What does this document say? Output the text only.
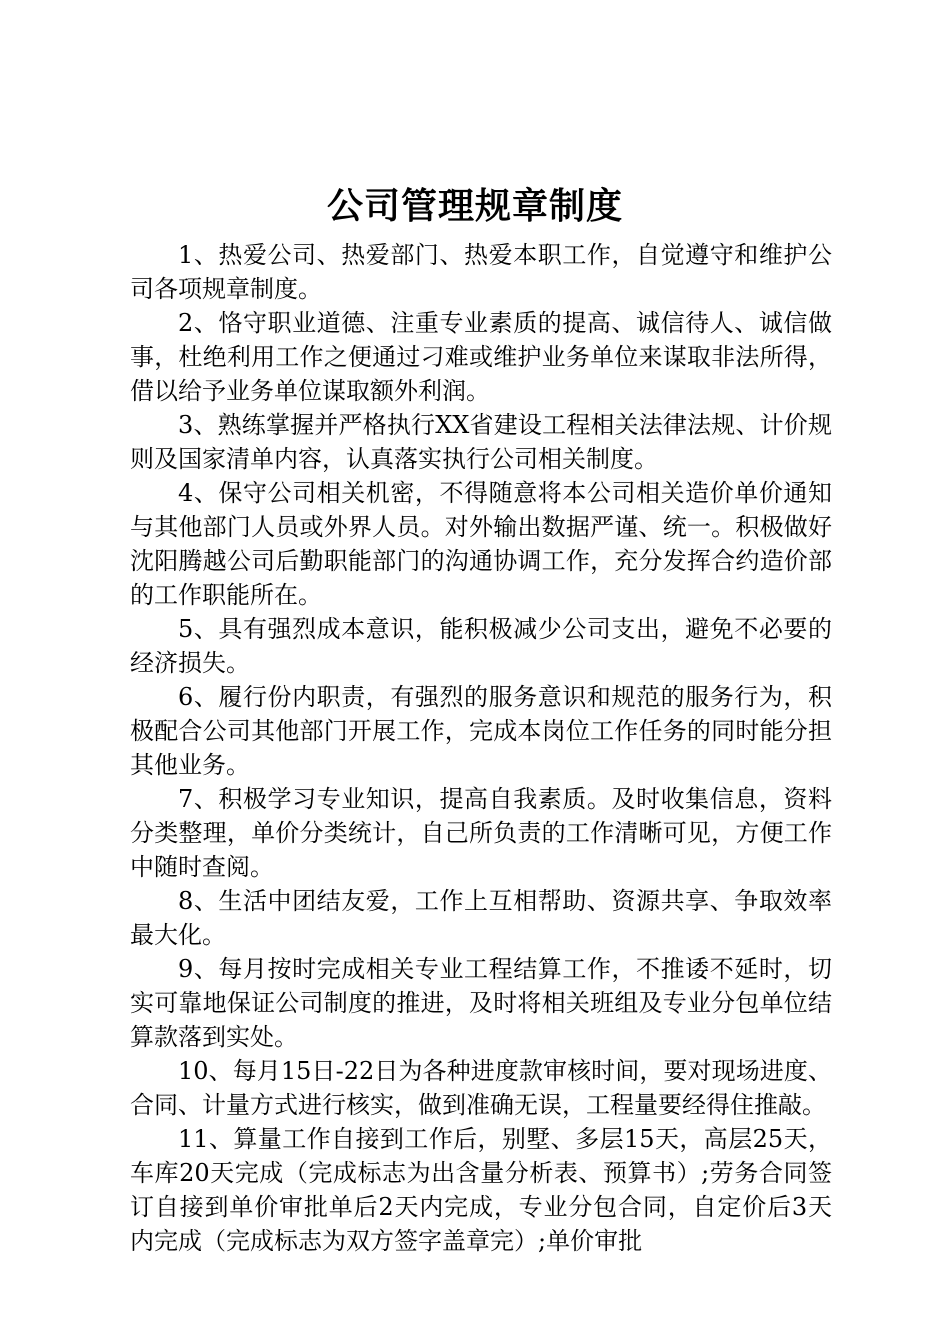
公司管理规章制度

1、热爱公司、热爱部门、热爱本职工作，自觉遵守和维护公司各项规章制度。

2、恪守职业道德、注重专业素质的提高、诚信待人、诚信做事，杜绝利用工作之便通过刁难或维护业务单位来谋取非法所得，借以给予业务单位谋取额外利润。

3、熟练掌握并严格执行XX省建设工程相关法律法规、计价规则及国家清单内容，认真落实执行公司相关制度。

4、保守公司相关机密，不得随意将本公司相关造价单价通知与其他部门人员或外界人员。对外输出数据严谨、统一。积极做好沈阳腾越公司后勤职能部门的沟通协调工作，充分发挥合约造价部的工作职能所在。

5、具有强烈成本意识，能积极减少公司支出，避免不必要的经济损失。

6、履行份内职责，有强烈的服务意识和规范的服务行为，积极配合公司其他部门开展工作，完成本岗位工作任务的同时能分担其他业务。

7、积极学习专业知识，提高自我素质。及时收集信息，资料分类整理，单价分类统计，自己所负责的工作清晰可见，方便工作中随时查阅。

8、生活中团结友爱，工作上互相帮助、资源共享、争取效率最大化。

9、每月按时完成相关专业工程结算工作，不推诿不延时，切实可靠地保证公司制度的推进，及时将相关班组及专业分包单位结算款落到实处。

10、每月15日-22日为各种进度款审核时间，要对现场进度、合同、计量方式进行核实，做到准确无误，工程量要经得住推敲。

11、算量工作自接到工作后，别墅、多层15天，高层25天，车库20天完成（完成标志为出含量分析表、预算书）;劳务合同签订自接到单价审批单后2天内完成，专业分包合同，自定价后3天内完成（完成标志为双方签字盖章完）;单价审批
